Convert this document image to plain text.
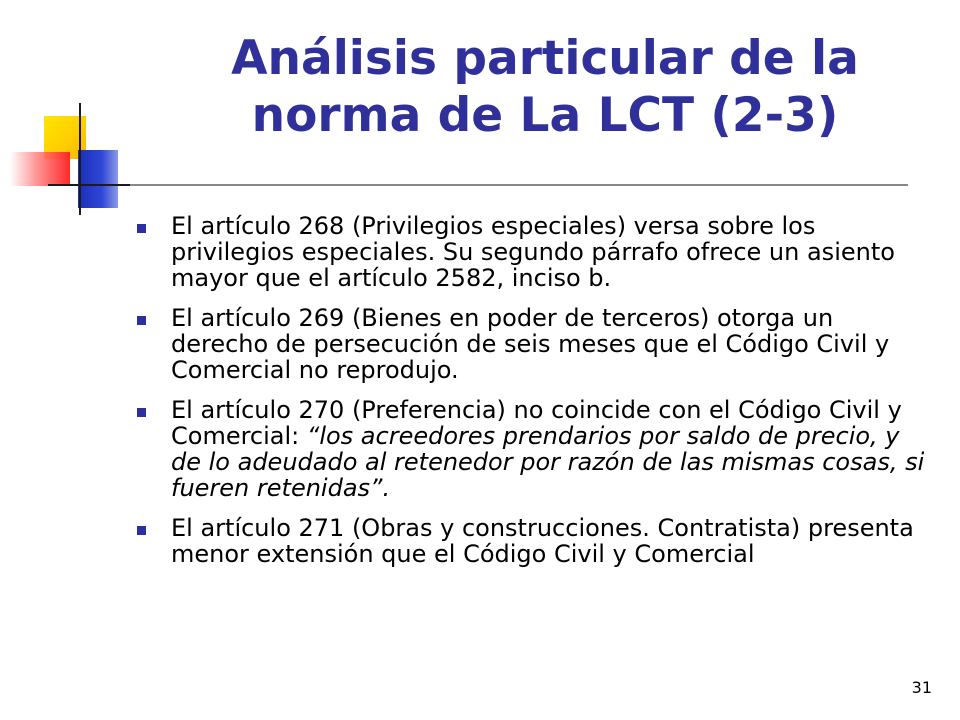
Análisis particular de la
norma de La LCT (2-3)
El artículo 268 (Privilegios especiales) versa sobre los privilegios especiales. Su segundo párrafo ofrece un asiento mayor que el artículo 2582, inciso b.
El artículo 269 (Bienes en poder de terceros) otorga un derecho de persecución de seis meses que el Código Civil y Comercial no reprodujo.
El artículo 270 (Preferencia) no coincide con el Código Civil y Comercial: “los acreedores prendarios por saldo de precio, y de lo adeudado al retenedor por razón de las mismas cosas, si fueren retenidas”.
El artículo 271 (Obras y construcciones. Contratista) presenta menor extensión que el Código Civil y Comercial
31
